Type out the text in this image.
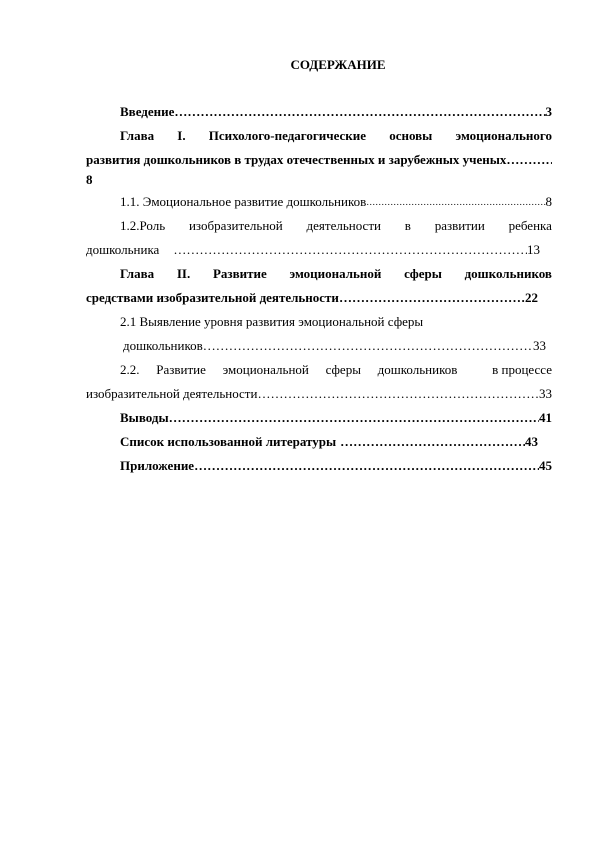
СОДЕРЖАНИЕ
Введение …………………………………………………………………………………………………………………………………………………………………………………	3
Глава I. Психолого-педагогические основы эмоционального
развития дошкольников в трудах отечественных и зарубежных ученых
…………………………………………………………………………………………………………………………………………………………………………………
8
1.1. Эмоциональное развитие дошкольников …………………………………………………………………………………………………………………………………………………………………………………	8
1.2.Роль изобразительной деятельности в развитии ребенка
дошкольника …………………………………………………………………………………………………………………………………………………………………………………	13
Глава II. Развитие эмоциональной сферы дошкольников
средствами изобразительной деятельности …………………………………………………………………………………………………………………………………………………………………………………	22
2.1 Выявление уровня развития эмоциональной сферы
дошкольников …………………………………………………………………………………………………………………………………………………………………………………	33
2.2. Развитие эмоциональной сферы дошкольников	в процессе
изобразительной деятельности …………………………………………………………………………………………………………………………………………………………………………………	33
Выводы …………………………………………………………………………………………………………………………………………………………………………………	41
Список использованной литературы …………………………………………………………………………………………………………………………………………………………………………………	43
Приложение …………………………………………………………………………………………………………………………………………………………………………………	45
